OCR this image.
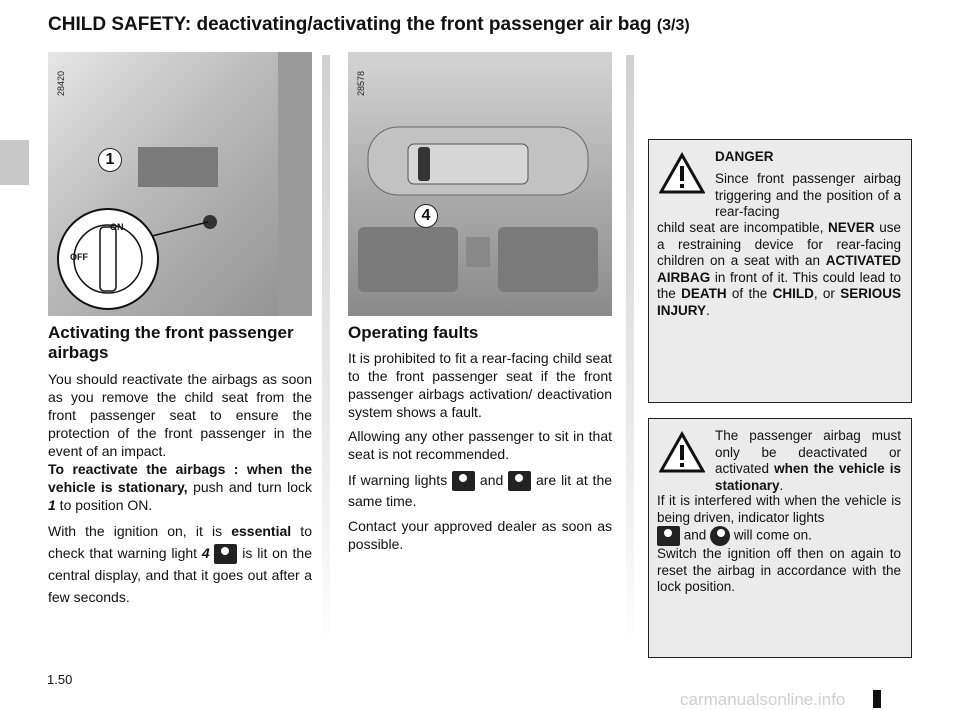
CHILD SAFETY: deactivating/activating the front passenger air bag (3/3)
28420
1
ON
OFF
28578
4
Activating the front passenger airbags

You should reactivate the airbags as soon as you remove the child seat from the front passenger seat to ensure the protection of the front passenger in the event of an impact.

To reactivate the airbags : when the vehicle is stationary, push and turn lock 1 to position ON.

With the ignition on, it is essential to check that warning light 4  is lit on the central display, and that it goes out after a few seconds.

Operating faults

It is prohibited to fit a rear-facing child seat to the front passenger seat if the front passenger airbags activation/ deactivation system shows a fault.

Allowing any other passenger to sit in that seat is not recommended.

If warning lights  and  are lit at the same time.

Contact your approved dealer as soon as possible.

DANGER
Since front passenger airbag triggering and the position of a rear-facing
child seat are incompatible, NEVER use a restraining device for rear-facing children on a seat with an ACTIVATED AIRBAG in front of it. This could lead to the DEATH of the CHILD, or SERIOUS INJURY.
The passenger airbag must only be deactivated or activated when the vehicle is stationary.
If it is interfered with when the vehicle is being driven, indicator lights
and  will come on.
Switch the ignition off then on again to reset the airbag in accordance with the lock position.
1.50
carmanualsonline.info
